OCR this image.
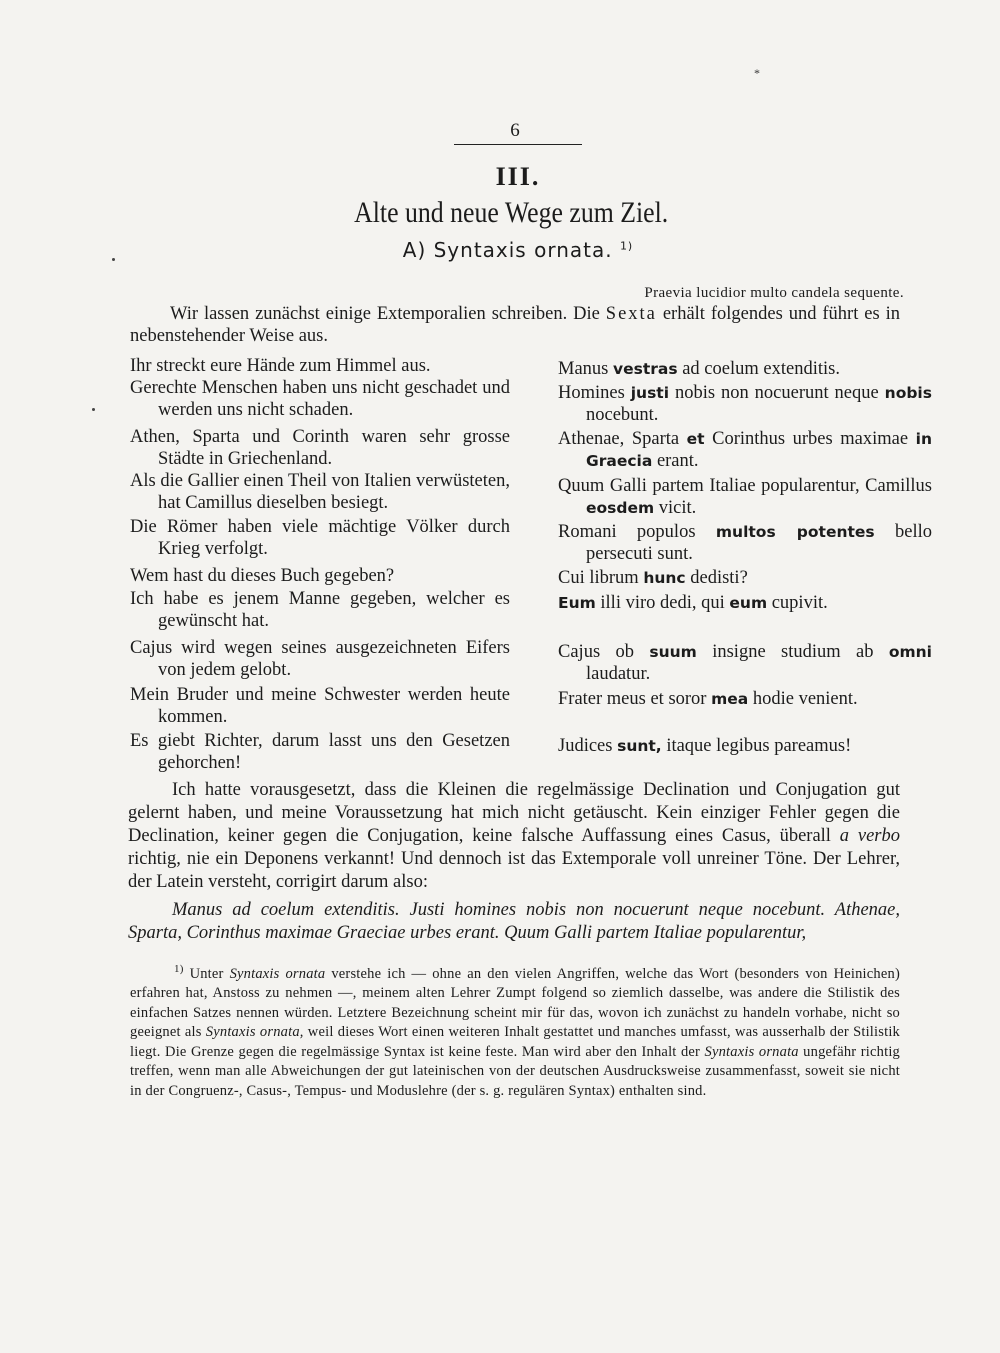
*
6
III.
Alte und neue Wege zum Ziel.
A) Syntaxis ornata. $^{1)}$
Praevia lucidior multo candela sequente.
Wir lassen zunächst einige Extemporalien schreiben. Die Sexta erhält folgendes und führt es in nebenstehender Weise aus.
Ihr streckt eure Hände zum Himmel aus.
Gerechte Menschen haben uns nicht geschadet und werden uns nicht schaden.
Athen, Sparta und Corinth waren sehr grosse Städte in Griechenland.
Als die Gallier einen Theil von Italien verwüsteten, hat Camillus dieselben besiegt.
Die Römer haben viele mächtige Völker durch Krieg verfolgt.
Wem hast du dieses Buch gegeben?
Ich habe es jenem Manne gegeben, welcher es gewünscht hat.
Cajus wird wegen seines ausgezeichneten Eifers von jedem gelobt.
Mein Bruder und meine Schwester werden heute kommen.
Es giebt Richter, darum lasst uns den Gesetzen gehorchen!
Manus vestras ad coelum extenditis.
Homines justi nobis non nocuerunt neque nobis nocebunt.
Athenae, Sparta et Corinthus urbes maximae in Graecia erant.
Quum Galli partem Italiae popularentur, Camillus eosdem vicit.
Romani populos multos potentes bello persecuti sunt.
Cui librum hunc dedisti?
Eum illi viro dedi, qui eum cupivit.
Cajus ob suum insigne studium ab omni laudatur.
Frater meus et soror mea hodie venient.
Judices sunt, itaque legibus pareamus!
Ich hatte vorausgesetzt, dass die Kleinen die regelmässige Declination und Conjugation gut gelernt haben, und meine Voraussetzung hat mich nicht getäuscht. Kein einziger Fehler gegen die Declination, keiner gegen die Conjugation, keine falsche Auffassung eines Casus, überall a verbo richtig, nie ein Deponens verkannt! Und dennoch ist das Extemporale voll unreiner Töne. Der Lehrer, der Latein versteht, corrigirt darum also:
Manus ad coelum extenditis. Justi homines nobis non nocuerunt neque nocebunt. Athenae, Sparta, Corinthus maximae Graeciae urbes erant. Quum Galli partem Italiae popularentur,
$^{1)}$ Unter Syntaxis ornata verstehe ich — ohne an den vielen Angriffen, welche das Wort (besonders von Heinichen) erfahren hat, Anstoss zu nehmen —, meinem alten Lehrer Zumpt folgend so ziemlich dasselbe, was andere die Stilistik des einfachen Satzes nennen würden. Letztere Bezeichnung scheint mir für das, wovon ich zunächst zu handeln vorhabe, nicht so geeignet als Syntaxis ornata, weil dieses Wort einen weiteren Inhalt gestattet und manches umfasst, was ausserhalb der Stilistik liegt. Die Grenze gegen die regelmässige Syntax ist keine feste. Man wird aber den Inhalt der Syntaxis ornata ungefähr richtig treffen, wenn man alle Abweichungen der gut lateinischen von der deutschen Ausdrucksweise zusammenfasst, soweit sie nicht in der Congruenz-, Casus-, Tempus- und Moduslehre (der s. g. regulären Syntax) enthalten sind.
